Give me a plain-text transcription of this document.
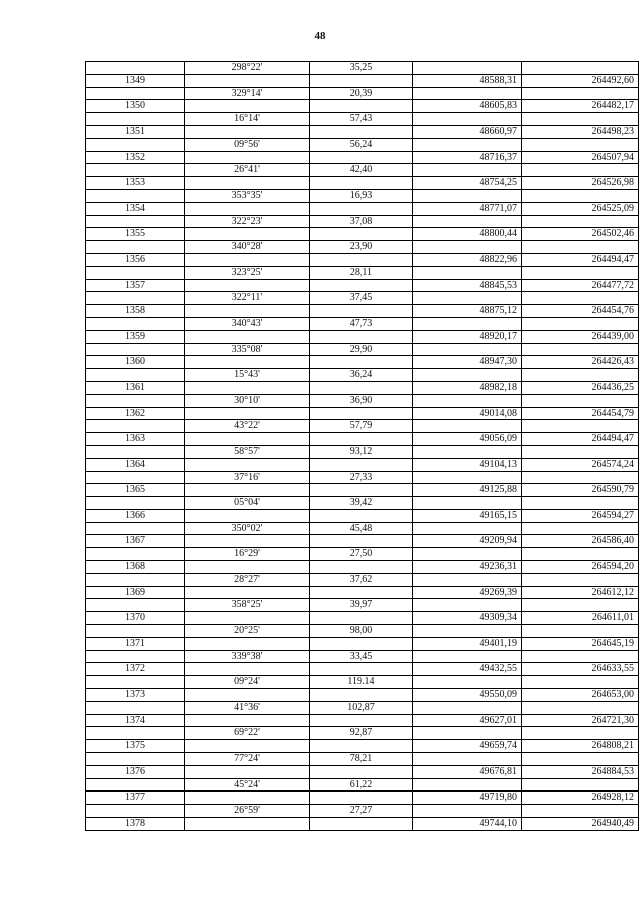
48
	298°22'	35,25		
1349			48588,31	264492,60
	329°14'	20,39		
1350			48605,83	264482,17
	16°14'	57,43		
1351			48660,97	264498,23
	09°56'	56,24		
1352			48716,37	264507,94
	26°41'	42,40		
1353			48754,25	264526,98
	353°35'	16,93		
1354			48771,07	264525,09
	322°23'	37,08		
1355			48800,44	264502,46
	340°28'	23,90		
1356			48822,96	264494,47
	323°25'	28,11		
1357			48845,53	264477,72
	322°11'	37,45		
1358			48875,12	264454,76
	340°43'	47,73		
1359			48920,17	264439,00
	335°08'	29,90		
1360			48947,30	264426,43
	15°43'	36,24		
1361			48982,18	264436,25
	30°10'	36,90		
1362			49014,08	264454,79
	43°22'	57,79		
1363			49056,09	264494,47
	58°57'	93,12		
1364			49104,13	264574,24
	37°16'	27,33		
1365			49125,88	264590,79
	05°04'	39,42		
1366			49165,15	264594,27
	350°02'	45,48		
1367			49209,94	264586,40
	16°29'	27,50		
1368			49236,31	264594,20
	28°27'	37,62		
1369			49269,39	264612,12
	358°25'	39,97		
1370			49309,34	264611,01
	20°25'	98,00		
1371			49401,19	264645,19
	339°38'	33,45		
1372			49432,55	264633,55
	09°24'	119.14		
1373			49550,09	264653,00
	41°36'	102,87		
1374			49627,01	264721,30
	69°22'	92,87		
1375			49659,74	264808,21
	77°24'	78,21		
1376			49676,81	264884,53
	45°24'	61,22		
1377			49719,80	264928,12
	26°59'	27,27		
1378			49744,10	264940,49
